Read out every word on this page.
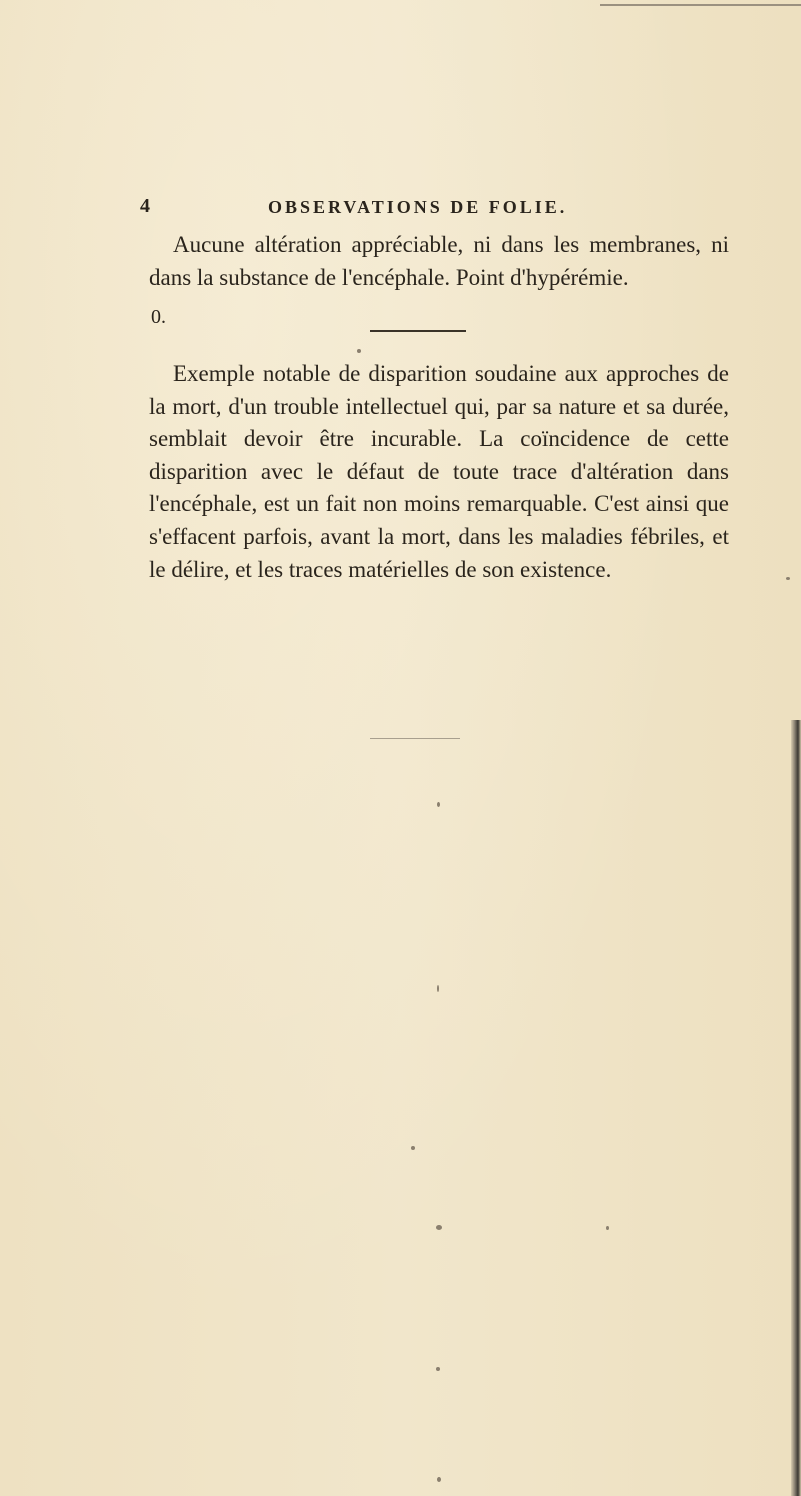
4	OBSERVATIONS DE FOLIE.

Aucune altération appréciable, ni dans les membranes, ni dans la substance de l'encéphale. Point d'hypérémie.

0.

Exemple notable de disparition soudaine aux approches de la mort, d'un trouble intellectuel qui, par sa nature et sa durée, semblait devoir être incurable. La coïncidence de cette disparition avec le défaut de toute trace d'altération dans l'encéphale, est un fait non moins remarquable. C'est ainsi que s'effacent parfois, avant la mort, dans les maladies fébriles, et le délire, et les traces matérielles de son existence.
